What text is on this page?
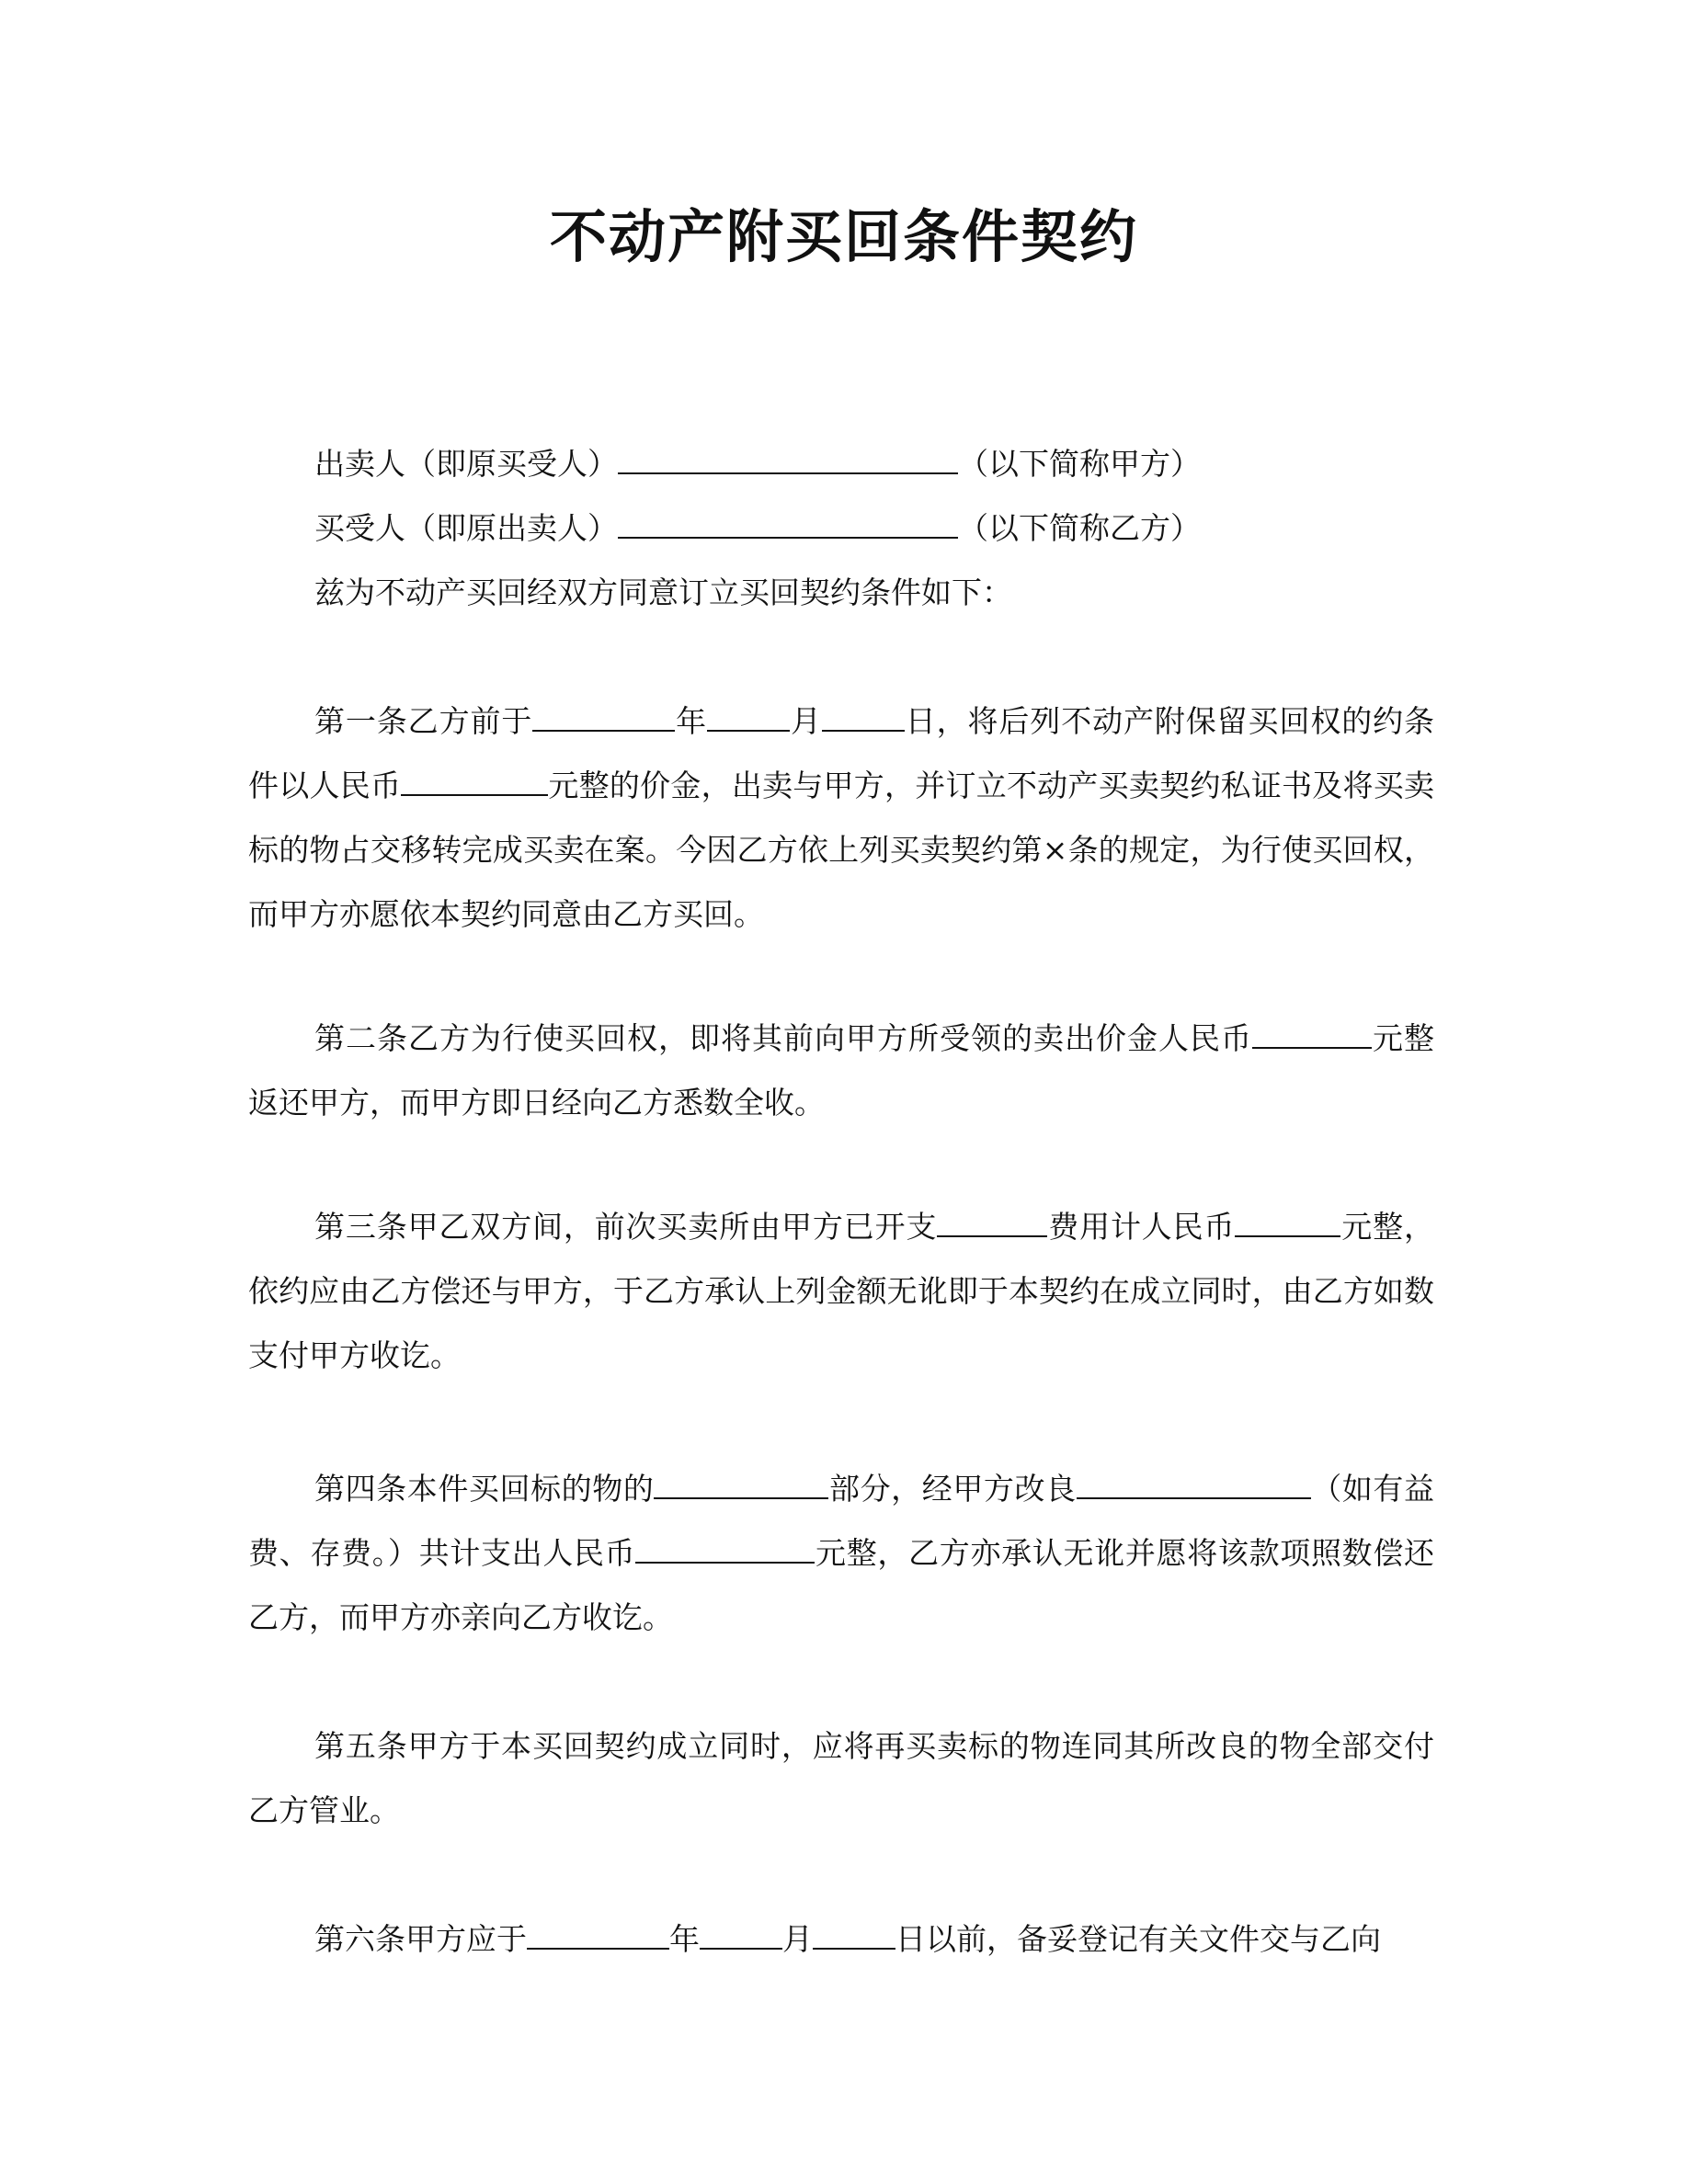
不动产附买回条件契约
出卖人（即原买受人）	（以下简称甲方）
买受人（即原出卖人）	（以下简称乙方）
兹为不动产买回经双方同意订立买回契约条件如下：

第一条乙方前于	年	月	日，将后列不动产附保留买回权的约条件以人民币	元整的价金，出卖与甲方，并订立不动产买卖契约私证书及将买卖标的物占交移转完成买卖在案。今因乙方依上列买卖契约第×条的规定，为行使买回权，而甲方亦愿依本契约同意由乙方买回。

第二条乙方为行使买回权，即将其前向甲方所受领的卖出价金人民币	元整返还甲方，而甲方即日经向乙方悉数全收。

第三条甲乙双方间，前次买卖所由甲方已开支	费用计人民币	元整，依约应由乙方偿还与甲方，于乙方承认上列金额无讹即于本契约在成立同时，由乙方如数支付甲方收讫。

第四条本件买回标的物的	部分，经甲方改良	（如有益费、存费。）共计支出人民币	元整，乙方亦承认无讹并愿将该款项照数偿还乙方，而甲方亦亲向乙方收讫。

第五条甲方于本买回契约成立同时，应将再买卖标的物连同其所改良的物全部交付乙方管业。

第六条甲方应于	年	月	日以前，备妥登记有关文件交与乙向
